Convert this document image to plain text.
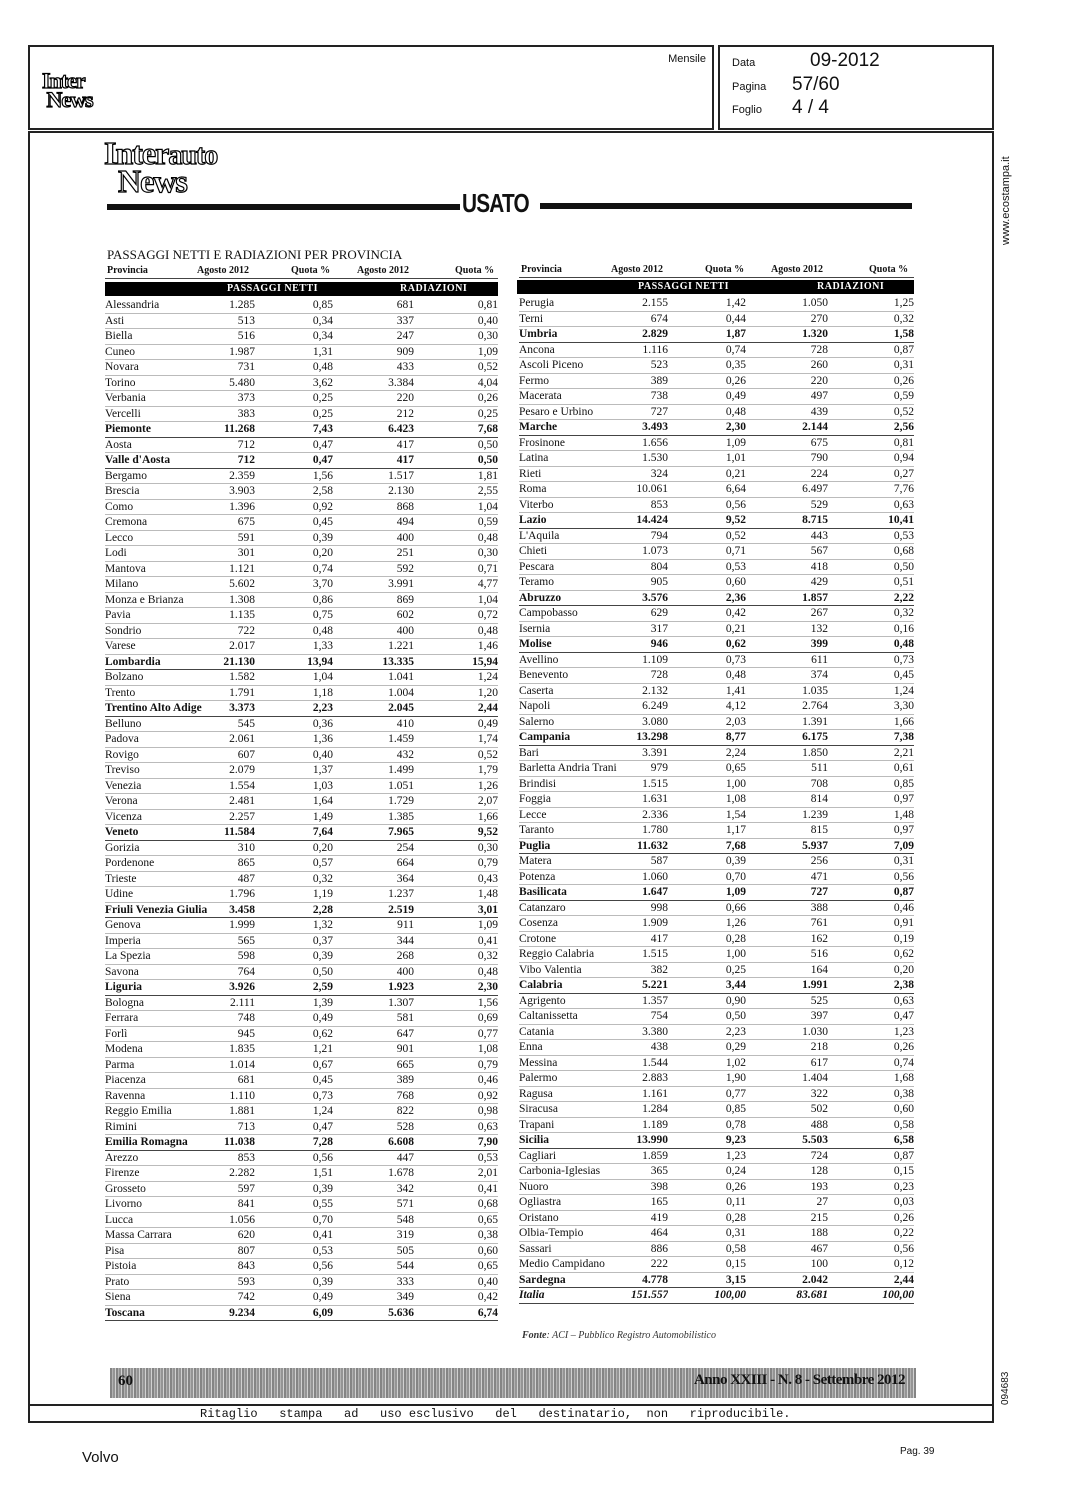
Inter
News
Mensile Data	09-2012
Pagina 57/60
Foglio 4 / 4
Interauto
News
USATO
PASSAGGI NETTI E RADIAZIONI PER PROVINCIA
Provincia	Agosto 2012	Quota %	Agosto 2012	Quota %
PASSAGGI NETTI	RADIAZIONI
Alessandria	1.285	0,85	681	0,81
Asti	513	0,34	337	0,40
Biella	516	0,34	247	0,30
Cuneo	1.987	1,31	909	1,09
Novara	731	0,48	433	0,52
Torino	5.480	3,62	3.384	4,04
Verbania	373	0,25	220	0,26
Vercelli	383	0,25	212	0,25
Piemonte	11.268	7,43	6.423	7,68
Aosta	712	0,47	417	0,50
Valle d'Aosta	712	0,47	417	0,50
Bergamo	2.359	1,56	1.517	1,81
Brescia	3.903	2,58	2.130	2,55
Como	1.396	0,92	868	1,04
Cremona	675	0,45	494	0,59
Lecco	591	0,39	400	0,48
Lodi	301	0,20	251	0,30
Mantova	1.121	0,74	592	0,71
Milano	5.602	3,70	3.991	4,77
Monza e Brianza	1.308	0,86	869	1,04
Pavia	1.135	0,75	602	0,72
Sondrio	722	0,48	400	0,48
Varese	2.017	1,33	1.221	1,46
Lombardia	21.130	13,94	13.335	15,94
Bolzano	1.582	1,04	1.041	1,24
Trento	1.791	1,18	1.004	1,20
Trentino Alto Adige	3.373	2,23	2.045	2,44
Belluno	545	0,36	410	0,49
Padova	2.061	1,36	1.459	1,74
Rovigo	607	0,40	432	0,52
Treviso	2.079	1,37	1.499	1,79
Venezia	1.554	1,03	1.051	1,26
Verona	2.481	1,64	1.729	2,07
Vicenza	2.257	1,49	1.385	1,66
Veneto	11.584	7,64	7.965	9,52
Gorizia	310	0,20	254	0,30
Pordenone	865	0,57	664	0,79
Trieste	487	0,32	364	0,43
Udine	1.796	1,19	1.237	1,48
Friuli Venezia Giulia	3.458	2,28	2.519	3,01
Genova	1.999	1,32	911	1,09
Imperia	565	0,37	344	0,41
La Spezia	598	0,39	268	0,32
Savona	764	0,50	400	0,48
Liguria	3.926	2,59	1.923	2,30
Bologna	2.111	1,39	1.307	1,56
Ferrara	748	0,49	581	0,69
Forlì	945	0,62	647	0,77
Modena	1.835	1,21	901	1,08
Parma	1.014	0,67	665	0,79
Piacenza	681	0,45	389	0,46
Ravenna	1.110	0,73	768	0,92
Reggio Emilia	1.881	1,24	822	0,98
Rimini	713	0,47	528	0,63
Emilia Romagna	11.038	7,28	6.608	7,90
Arezzo	853	0,56	447	0,53
Firenze	2.282	1,51	1.678	2,01
Grosseto	597	0,39	342	0,41
Livorno	841	0,55	571	0,68
Lucca	1.056	0,70	548	0,65
Massa Carrara	620	0,41	319	0,38
Pisa	807	0,53	505	0,60
Pistoia	843	0,56	544	0,65
Prato	593	0,39	333	0,40
Siena	742	0,49	349	0,42
Toscana	9.234	6,09	5.636	6,74
Provincia	Agosto 2012	Quota %	Agosto 2012	Quota %
PASSAGGI NETTI	RADIAZIONI
Perugia	2.155	1,42	1.050	1,25
Terni	674	0,44	270	0,32
Umbria	2.829	1,87	1.320	1,58
Ancona	1.116	0,74	728	0,87
Ascoli Piceno	523	0,35	260	0,31
Fermo	389	0,26	220	0,26
Macerata	738	0,49	497	0,59
Pesaro e Urbino	727	0,48	439	0,52
Marche	3.493	2,30	2.144	2,56
Frosinone	1.656	1,09	675	0,81
Latina	1.530	1,01	790	0,94
Rieti	324	0,21	224	0,27
Roma	10.061	6,64	6.497	7,76
Viterbo	853	0,56	529	0,63
Lazio	14.424	9,52	8.715	10,41
L'Aquila	794	0,52	443	0,53
Chieti	1.073	0,71	567	0,68
Pescara	804	0,53	418	0,50
Teramo	905	0,60	429	0,51
Abruzzo	3.576	2,36	1.857	2,22
Campobasso	629	0,42	267	0,32
Isernia	317	0,21	132	0,16
Molise	946	0,62	399	0,48
Avellino	1.109	0,73	611	0,73
Benevento	728	0,48	374	0,45
Caserta	2.132	1,41	1.035	1,24
Napoli	6.249	4,12	2.764	3,30
Salerno	3.080	2,03	1.391	1,66
Campania	13.298	8,77	6.175	7,38
Bari	3.391	2,24	1.850	2,21
Barletta Andria Trani	979	0,65	511	0,61
Brindisi	1.515	1,00	708	0,85
Foggia	1.631	1,08	814	0,97
Lecce	2.336	1,54	1.239	1,48
Taranto	1.780	1,17	815	0,97
Puglia	11.632	7,68	5.937	7,09
Matera	587	0,39	256	0,31
Potenza	1.060	0,70	471	0,56
Basilicata	1.647	1,09	727	0,87
Catanzaro	998	0,66	388	0,46
Cosenza	1.909	1,26	761	0,91
Crotone	417	0,28	162	0,19
Reggio Calabria	1.515	1,00	516	0,62
Vibo Valentia	382	0,25	164	0,20
Calabria	5.221	3,44	1.991	2,38
Agrigento	1.357	0,90	525	0,63
Caltanissetta	754	0,50	397	0,47
Catania	3.380	2,23	1.030	1,23
Enna	438	0,29	218	0,26
Messina	1.544	1,02	617	0,74
Palermo	2.883	1,90	1.404	1,68
Ragusa	1.161	0,77	322	0,38
Siracusa	1.284	0,85	502	0,60
Trapani	1.189	0,78	488	0,58
Sicilia	13.990	9,23	5.503	6,58
Cagliari	1.859	1,23	724	0,87
Carbonia-Iglesias	365	0,24	128	0,15
Nuoro	398	0,26	193	0,23
Ogliastra	165	0,11	27	0,03
Oristano	419	0,28	215	0,26
Olbia-Tempio	464	0,31	188	0,22
Sassari	886	0,58	467	0,56
Medio Campidano	222	0,15	100	0,12
Sardegna	4.778	3,15	2.042	2,44
Italia	151.557	100,00	83.681	100,00
Fonte: ACI – Pubblico Registro Automobilistico
60	Anno XXIII - N. 8 - Settembre 2012
Ritaglio   stampa   ad   uso esclusivo   del   destinatario,  non   riproducibile.
www.ecostampa.it
094683
Volvo	Pag. 39
